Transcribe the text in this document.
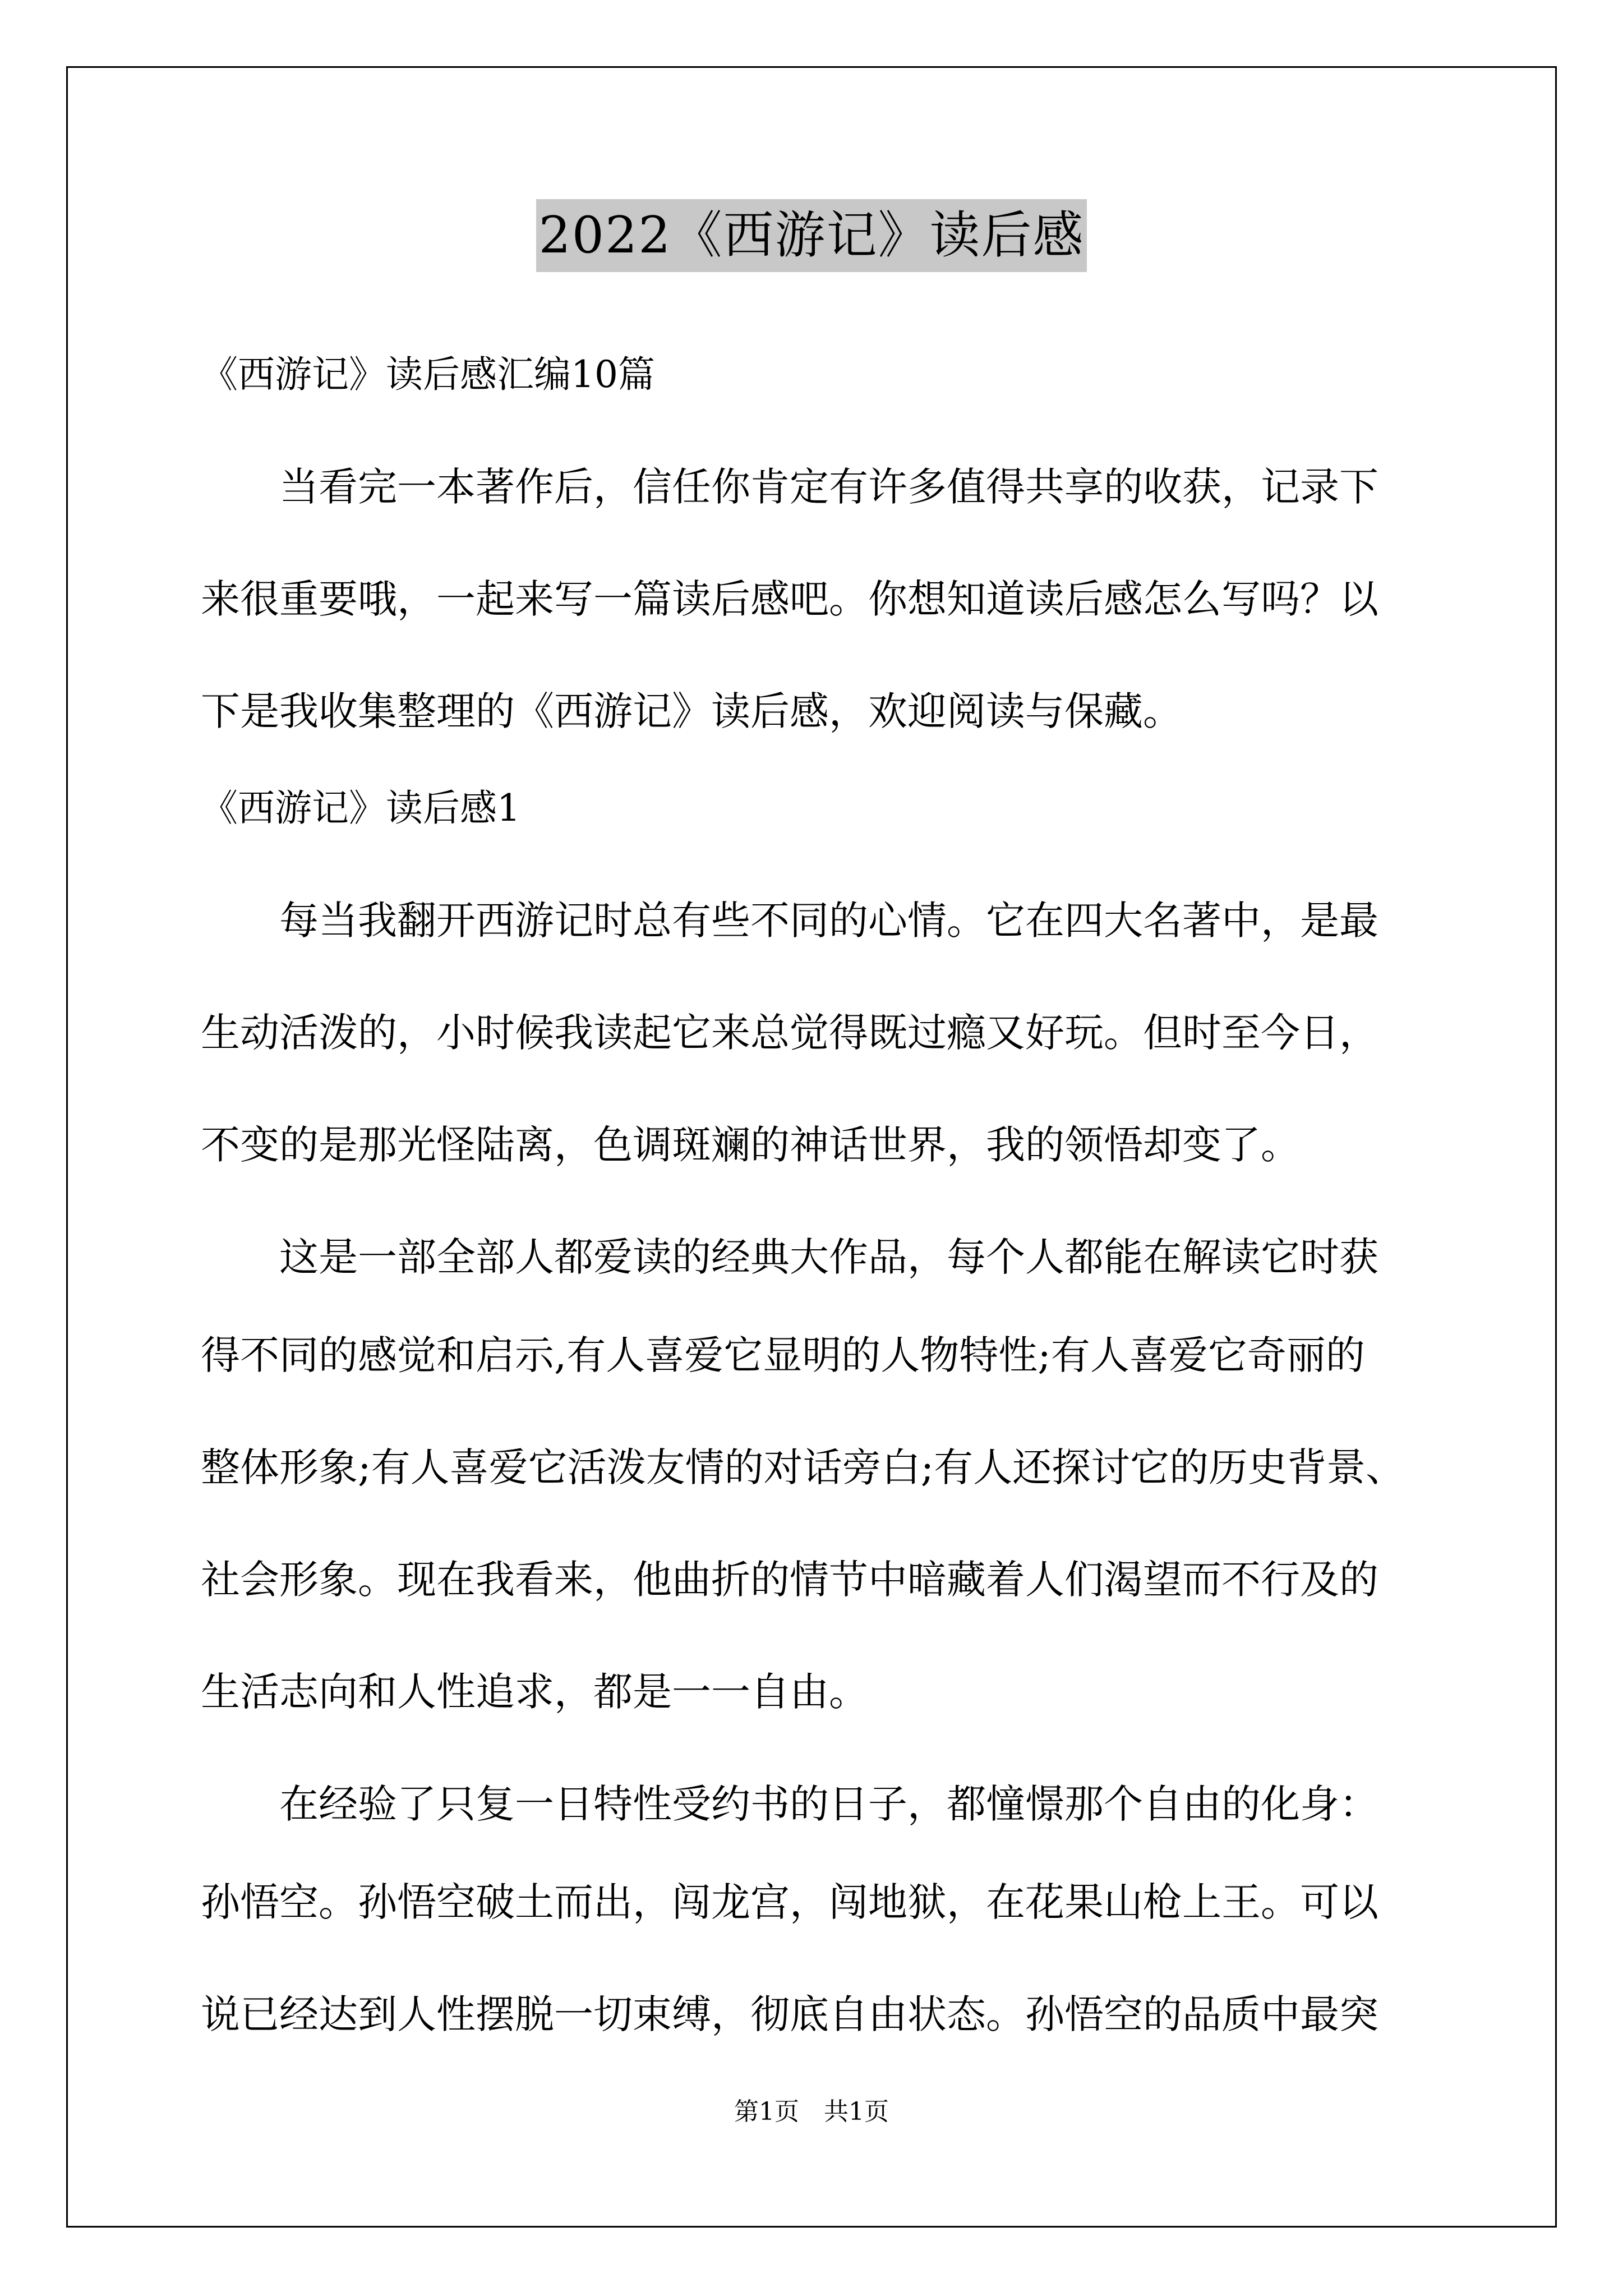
2022《西游记》读后感
《西游记》读后感汇编10篇
　　当看完一本著作后，信任你肯定有许多值得共享的收获，记录下
来很重要哦，一起来写一篇读后感吧。你想知道读后感怎么写吗？以
下是我收集整理的《西游记》读后感，欢迎阅读与保藏。
《西游记》读后感1
　　每当我翻开西游记时总有些不同的心情。它在四大名著中，是最
生动活泼的，小时候我读起它来总觉得既过瘾又好玩。但时至今日，
不变的是那光怪陆离，色调斑斓的神话世界，我的领悟却变了。
　　这是一部全部人都爱读的经典大作品，每个人都能在解读它时获
得不同的感觉和启示,有人喜爱它显明的人物特性;有人喜爱它奇丽的
整体形象;有人喜爱它活泼友情的对话旁白;有人还探讨它的历史背景、
社会形象。现在我看来，他曲折的情节中暗藏着人们渴望而不行及的
生活志向和人性追求，都是一一自由。
　　在经验了只复一日特性受约书的日子，都憧憬那个自由的化身：
孙悟空。孙悟空破土而出，闯龙宫，闯地狱，在花果山枪上王。可以
说已经达到人性摆脱一切束缚，彻底自由状态。孙悟空的品质中最突
第1页　共1页
